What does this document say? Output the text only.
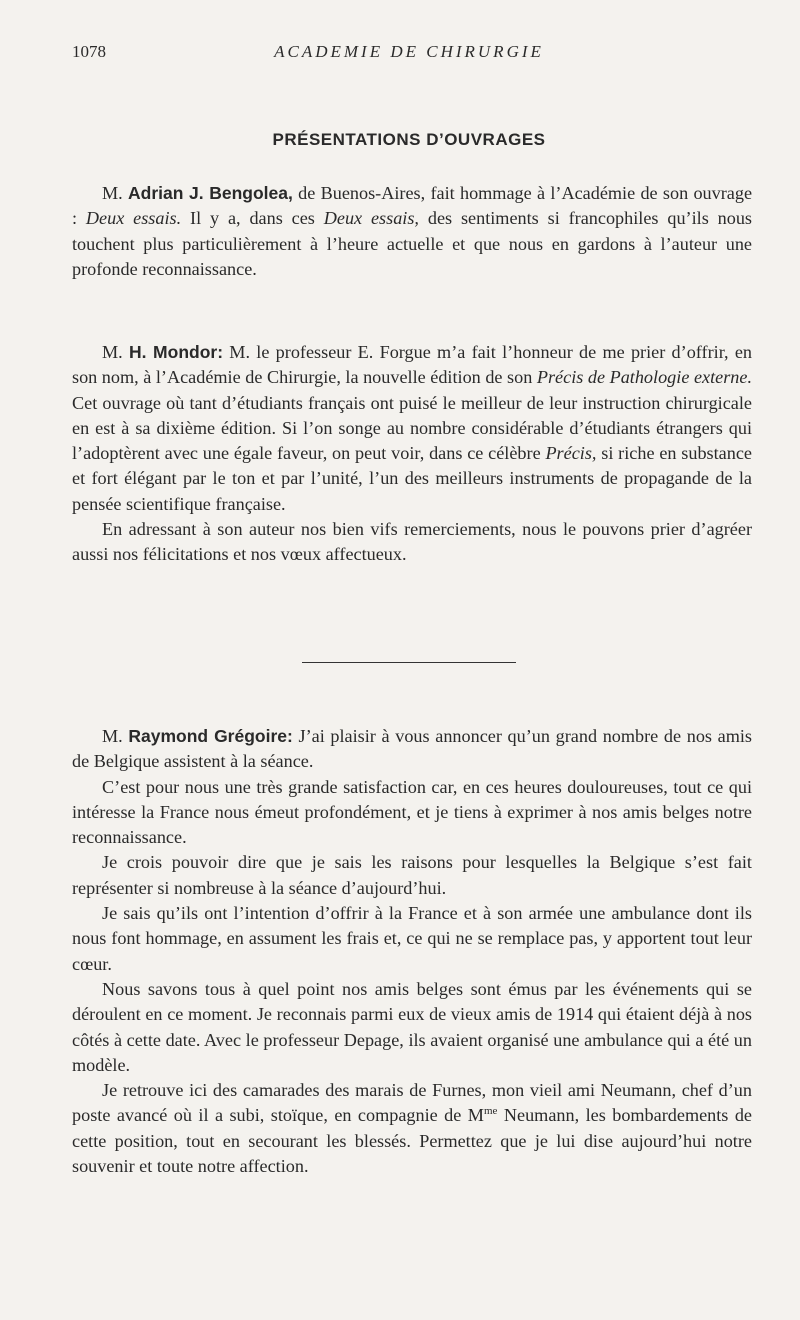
1078	ACADEMIE DE CHIRURGIE
PRÉSENTATIONS D’OUVRAGES

M. Adrian J. Bengolea, de Buenos-Aires, fait hommage à l’Académie de son ouvrage : Deux essais. Il y a, dans ces Deux essais, des sentiments si francophiles qu’ils nous touchent plus particulièrement à l’heure actuelle et que nous en gardons à l’auteur une profonde reconnaissance.

M. H. Mondor: M. le professeur E. Forgue m’a fait l’honneur de me prier d’offrir, en son nom, à l’Académie de Chirurgie, la nouvelle édition de son Précis de Pathologie externe. Cet ouvrage où tant d’étudiants français ont puisé le meilleur de leur instruction chirurgicale en est à sa dixième édition. Si l’on songe au nombre considérable d’étudiants étrangers qui l’adoptèrent avec une égale faveur, on peut voir, dans ce célèbre Précis, si riche en substance et fort élégant par le ton et par l’unité, l’un des meilleurs instruments de propagande de la pensée scientifique française.

En adressant à son auteur nos bien vifs remerciements, nous le pouvons prier d’agréer aussi nos félicitations et nos vœux affectueux.

M. Raymond Grégoire: J’ai plaisir à vous annoncer qu’un grand nombre de nos amis de Belgique assistent à la séance.

C’est pour nous une très grande satisfaction car, en ces heures douloureuses, tout ce qui intéresse la France nous émeut profondément, et je tiens à exprimer à nos amis belges notre reconnaissance.

Je crois pouvoir dire que je sais les raisons pour lesquelles la Belgique s’est fait représenter si nombreuse à la séance d’aujourd’hui.

Je sais qu’ils ont l’intention d’offrir à la France et à son armée une ambulance dont ils nous font hommage, en assument les frais et, ce qui ne se remplace pas, y apportent tout leur cœur.

Nous savons tous à quel point nos amis belges sont émus par les événements qui se déroulent en ce moment. Je reconnais parmi eux de vieux amis de 1914 qui étaient déjà à nos côtés à cette date. Avec le professeur Depage, ils avaient organisé une ambulance qui a été un modèle.

Je retrouve ici des camarades des marais de Furnes, mon vieil ami Neumann, chef d’un poste avancé où il a subi, stoïque, en compagnie de $M^{me}$ Neumann, les bombardements de cette position, tout en secourant les blessés. Permettez que je lui dise aujourd’hui notre souvenir et toute notre affection.
